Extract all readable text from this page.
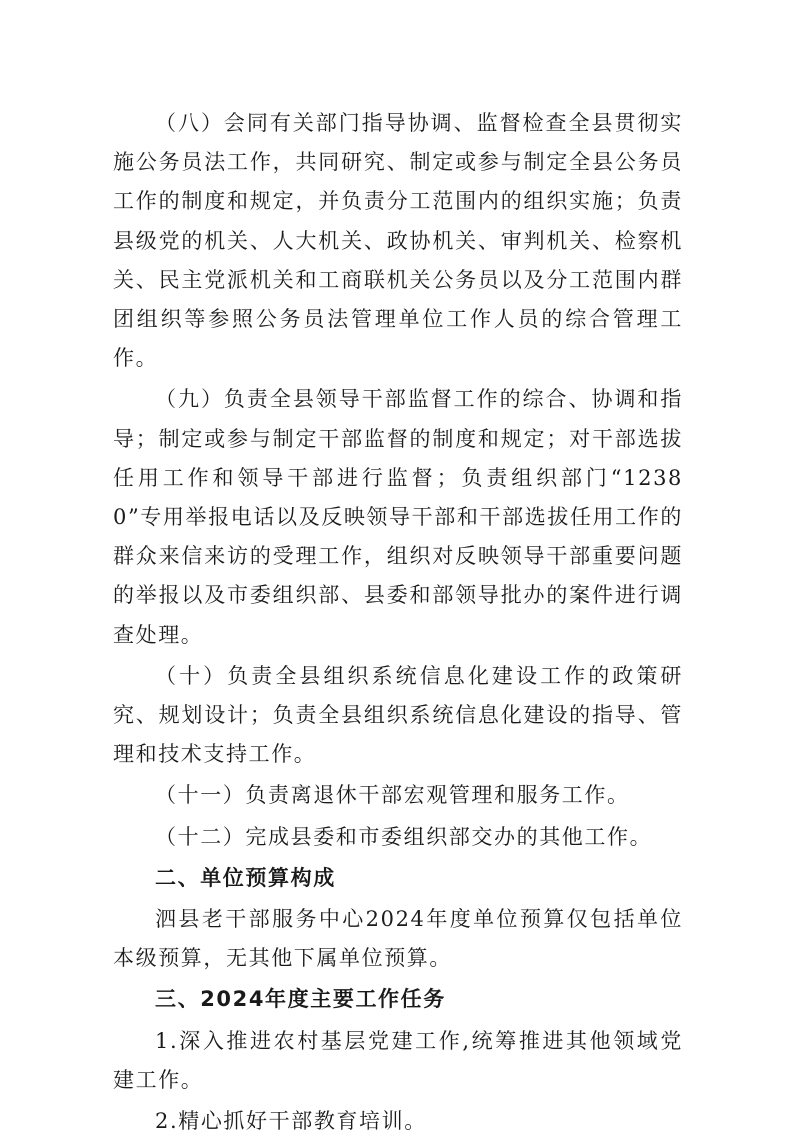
（八）会同有关部门指导协调、监督检查全县贯彻实施公务员法工作，共同研究、制定或参与制定全县公务员工作的制度和规定，并负责分工范围内的组织实施；负责县级党的机关、人大机关、政协机关、审判机关、检察机关、民主党派机关和工商联机关公务员以及分工范围内群团组织等参照公务员法管理单位工作人员的综合管理工作。

（九）负责全县领导干部监督工作的综合、协调和指导；制定或参与制定干部监督的制度和规定；对干部选拔任用工作和领导干部进行监督；负责组织部门“12380”专用举报电话以及反映领导干部和干部选拔任用工作的群众来信来访的受理工作，组织对反映领导干部重要问题的举报以及市委组织部、县委和部领导批办的案件进行调查处理。

（十）负责全县组织系统信息化建设工作的政策研究、规划设计；负责全县组织系统信息化建设的指导、管理和技术支持工作。

（十一）负责离退休干部宏观管理和服务工作。

（十二）完成县委和市委组织部交办的其他工作。

二、单位预算构成

泗县老干部服务中心2024年度单位预算仅包括单位本级预算，无其他下属单位预算。

三、2024年度主要工作任务

1.深入推进农村基层党建工作,统筹推进其他领域党建工作。

2.精心抓好干部教育培训。
